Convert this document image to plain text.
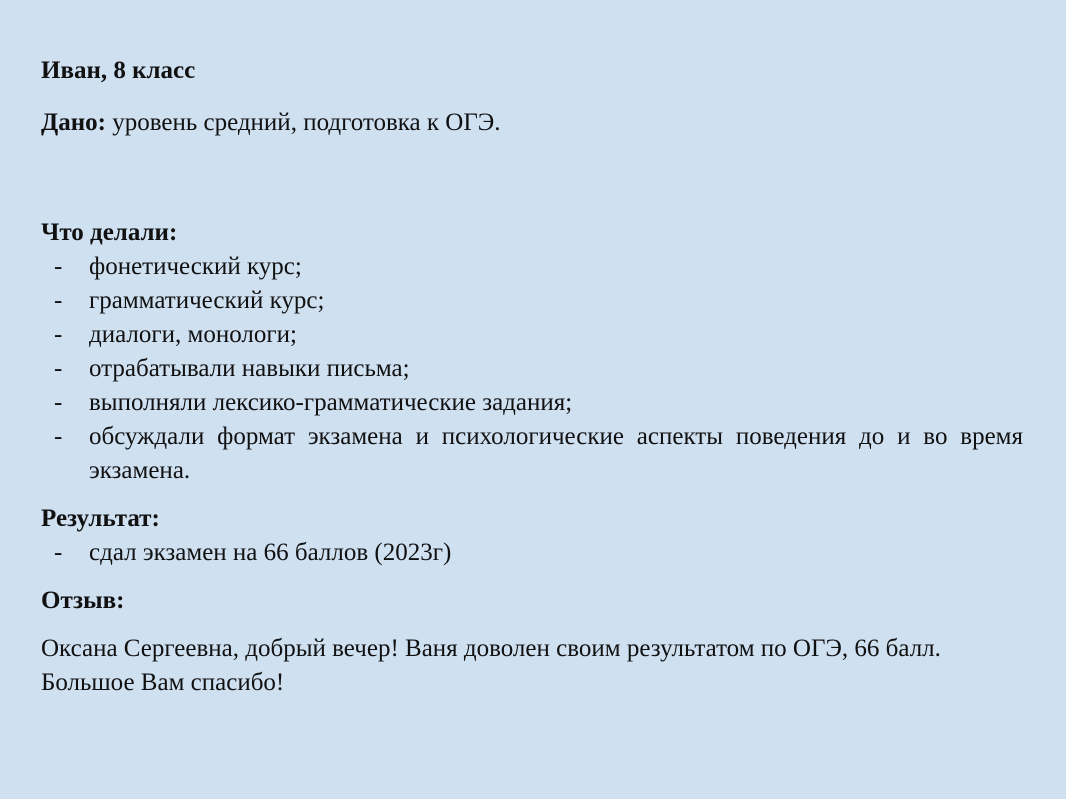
Иван, 8 класс

Дано: уровень средний, подготовка к ОГЭ.

Что делали:

- фонетический курс;
- грамматический курс;
- диалоги, монологи;
- отрабатывали навыки письма;
- выполняли лексико-грамматические задания;
- обсуждали формат экзамена и психологические аспекты поведения до и во время экзамена.

Результат:

- сдал экзамен на 66 баллов (2023г)

Отзыв:

Оксана Сергеевна, добрый вечер! Ваня доволен своим результатом по ОГЭ, 66 балл. Большое Вам спасибо!
